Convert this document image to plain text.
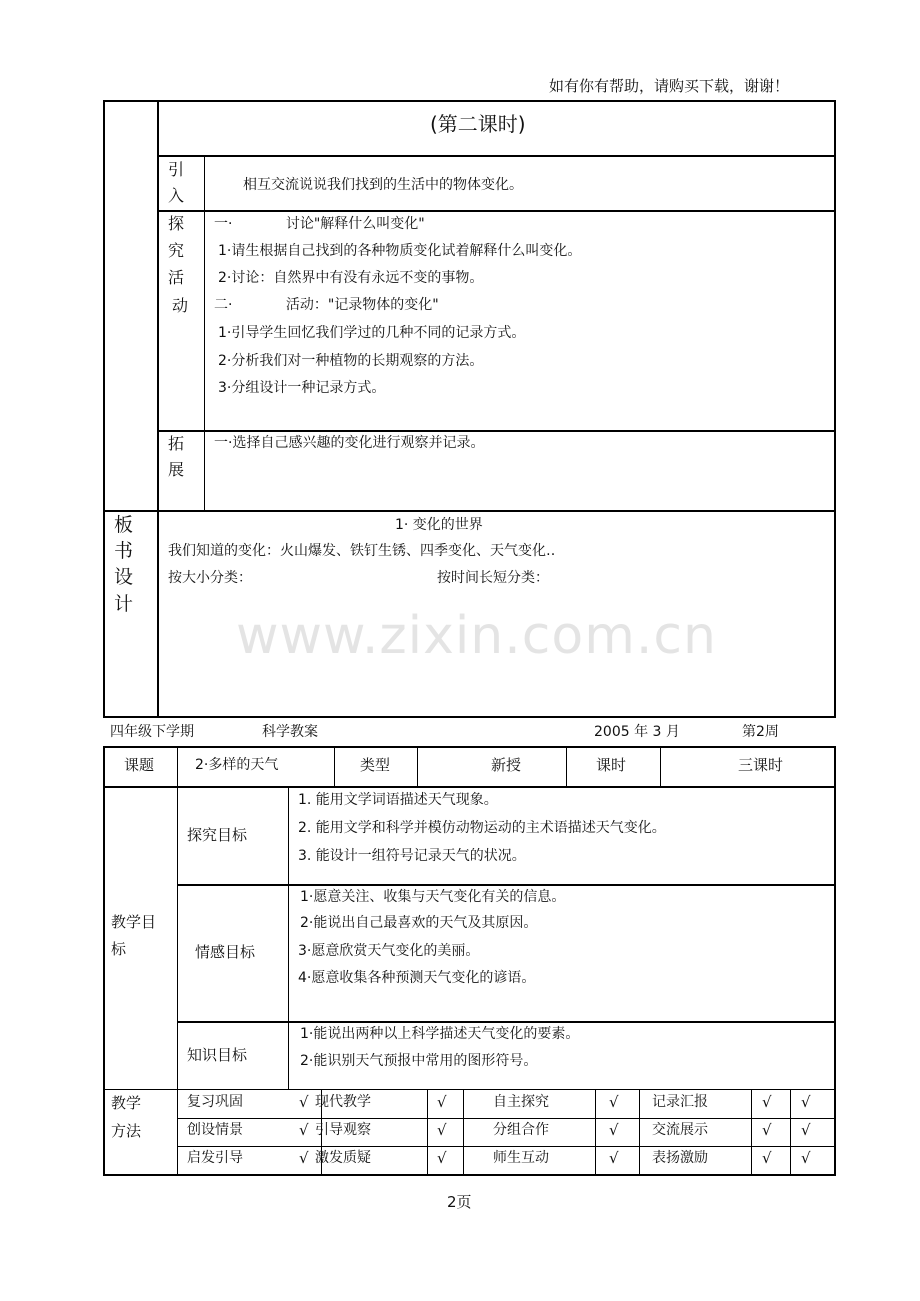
如有你有帮助，请购买下载，谢谢！
www.zixin.com.cn
(第二课时)
引
入
相互交流说说我们找到的生活中的物体变化。
探
究
活
动
一·            讨论"解释什么叫变化"
1·请生根据自己找到的各种物质变化试着解释什么叫变化。
2·讨论：自然界中有没有永远不变的事物。
二·            活动："记录物体的变化"
1·引导学生回忆我们学过的几种不同的记录方式。
2·分析我们对一种植物的长期观察的方法。
3·分组设计一种记录方式。
拓
展
一·选择自己感兴趣的变化进行观察并记录。
板
书
设
计
1· 变化的世界
我们知道的变化：火山爆发、铁钉生锈、四季变化、天气变化‥
按大小分类：	按时间长短分类：
四年级下学期	科学教案	2005 年 3 月	第2周
课题	2·多样的天气	类型	新授	课时	三课时
教学目
标
探究目标
1. 能用文学词语描述天气现象。
2. 能用文学和科学并模仿动物运动的主术语描述天气变化。
3. 能设计一组符号记录天气的状况。
情感目标
1·愿意关注、收集与天气变化有关的信息。
2·能说出自己最喜欢的天气及其原因。
3·愿意欣赏天气变化的美丽。
4·愿意收集各种预测天气变化的谚语。
知识目标
1·能说出两种以上科学描述天气变化的要素。
2·能识别天气预报中常用的图形符号。
教学
方法
复习巩固	√ 现代教学	√	自主探究	√ 记录汇报	√ √
创设情景	√ 引导观察	√	分组合作	√ 交流展示	√ √
启发引导	√ 激发质疑	√	师生互动	√ 表扬激励	√ √
2页
